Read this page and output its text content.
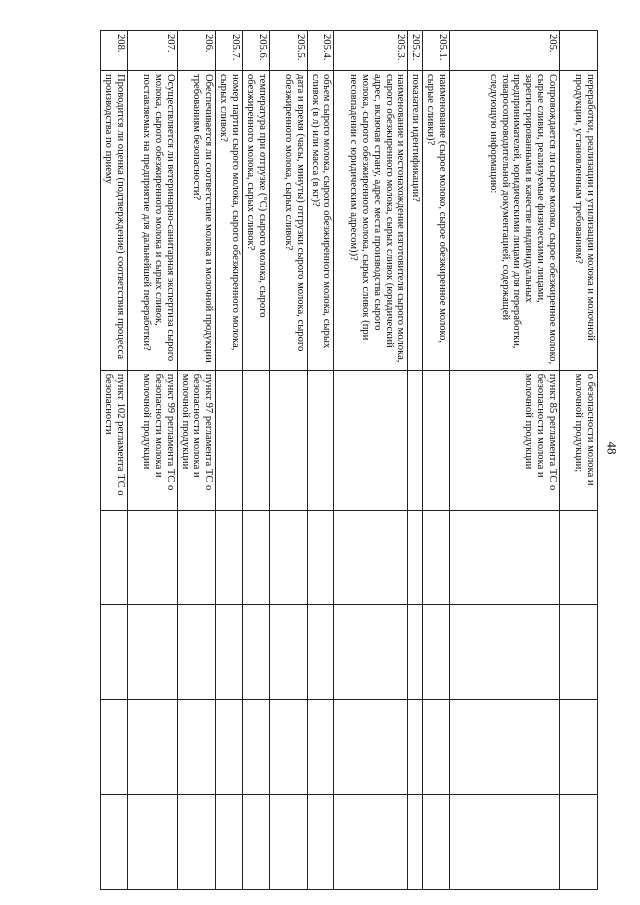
48
	переработки, реализации и утилизации молока и молочной продукции, установленным требованиям?	о безопасности молока и молочной продукции;				
205.	Сопровождается ли сырое молоко, сырое обезжиренное молоко, сырые сливки, реализуемые физическими лицами, зарегистрированными в качестве индивидуальных предпринимателей, юридическими лицами для переработки, товаросопроводительной документацией, содержащей следующую информацию:	пункт 85 регламента ТС о безопасности молока и молочной продукции				
205.1.	наименование (сырое молоко, сырое обезжиренное молоко, сырые сливки)?					
205.2.	показатели идентификации?					
205.3.	наименование и местонахождение изготовителя сырого молока, сырого обезжиренного молока, сырых сливок (юридический адрес, включая страну, адрес места производства сырого молока, сырого обезжиренного молока, сырых сливок (при несовпадении с юридическим адресом))?					
205.4.	объем сырого молока, сырого обезжиренного молока, сырых сливок (в л) или масса (в кг)?					
205.5.	дата и время (часы, минуты) отгрузки сырого молока, сырого обезжиренного молока, сырых сливок?					
205.6.	температура при отгрузке (°С) сырого молока, сырого обезжиренного молока, сырых сливок?					
205.7.	номер партии сырого молока, сырого обезжиренного молока, сырых сливок?					
206.	Обеспечивается ли соответствие молока и молочной продукции требованиям безопасности?	пункт 97 регламента ТС о безопасности молока и молочной продукции				
207.	Осуществляется ли ветеринарно-санитарная экспертиза сырого молока, сырого обезжиренного молока и сырых сливок, поставляемых на предприятие для дальнейшей переработки?	пункт 99 регламента ТС о безопасности молока и молочной продукции				
208.	Проводится ли оценка (подтверждение) соответствия процесса производства по приему	пункт 102 регламента ТС о безопасности				
